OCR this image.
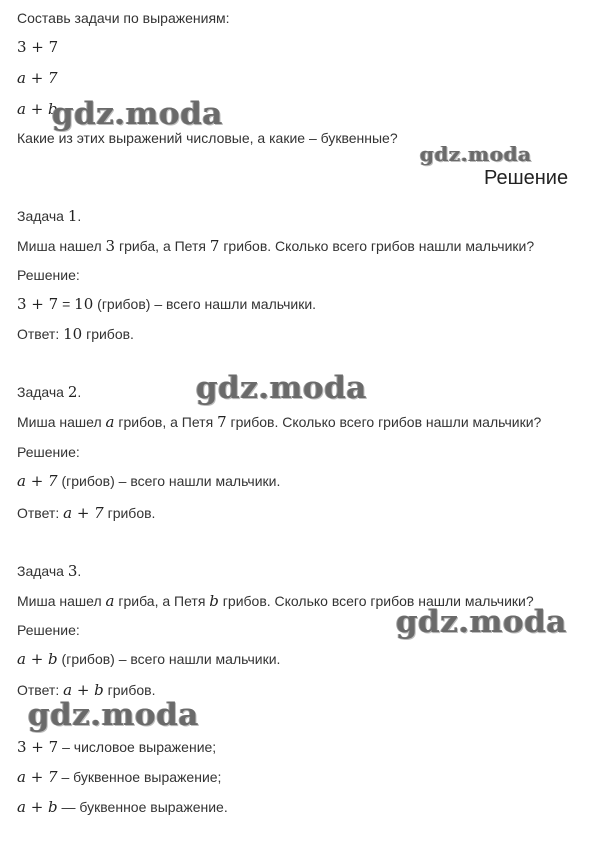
Составь задачи по выражениям:
3 + 7
a + 7
a + b
Какие из этих выражений числовые, а какие – буквенные?
Решение
Задача 1.
Миша нашел 3 гриба, а Петя 7 грибов. Сколько всего грибов нашли мальчики?
Решение:
3 + 7 = 10 (грибов) – всего нашли мальчики.
Ответ: 10 грибов.
Задача 2.
Миша нашел a грибов, а Петя 7 грибов. Сколько всего грибов нашли мальчики?
Решение:
a + 7 (грибов) – всего нашли мальчики.
Ответ: a + 7 грибов.
Задача 3.
Миша нашел a гриба, а Петя b грибов. Сколько всего грибов нашли мальчики?
Решение:
a + b (грибов) – всего нашли мальчики.
Ответ: a + b грибов.
3 + 7 – числовое выражение;
a + 7 – буквенное выражение;
a + b — буквенное выражение.
gdz.moda
gdz.moda
gdz.moda
gdz.moda
gdz.moda
